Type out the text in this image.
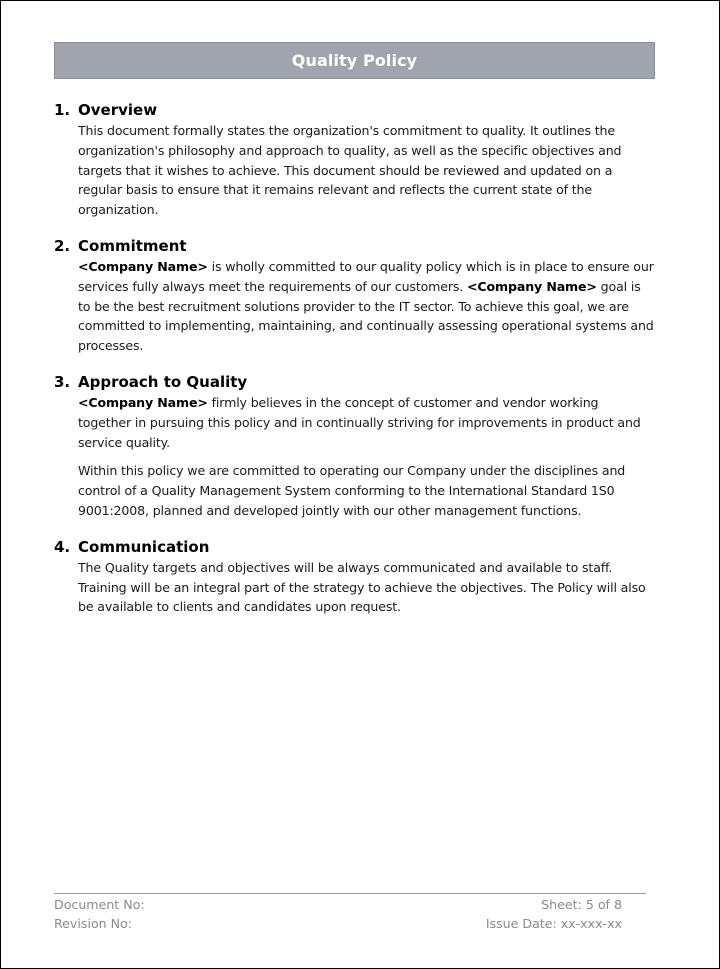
Quality Policy
1. Overview

This document formally states the organization's commitment to quality. It outlines the organization's philosophy and approach to quality, as well as the specific objectives and targets that it wishes to achieve. This document should be reviewed and updated on a regular basis to ensure that it remains relevant and reflects the current state of the organization.

2. Commitment

<Company Name> is wholly committed to our quality policy which is in place to ensure our services fully always meet the requirements of our customers. <Company Name> goal is to be the best recruitment solutions provider to the IT sector. To achieve this goal, we are committed to implementing, maintaining, and continually assessing operational systems and processes.

3. Approach to Quality

<Company Name> firmly believes in the concept of customer and vendor working together in pursuing this policy and in continually striving for improvements in product and service quality.

Within this policy we are committed to operating our Company under the disciplines and control of a Quality Management System conforming to the International Standard 1S0 9001:2008, planned and developed jointly with our other management functions.

4. Communication

The Quality targets and objectives will be always communicated and available to staff. Training will be an integral part of the strategy to achieve the objectives. The Policy will also be available to clients and candidates upon request.

Document No:	Sheet: 5 of 8
Revision No:	Issue Date: xx-xxx-xx
